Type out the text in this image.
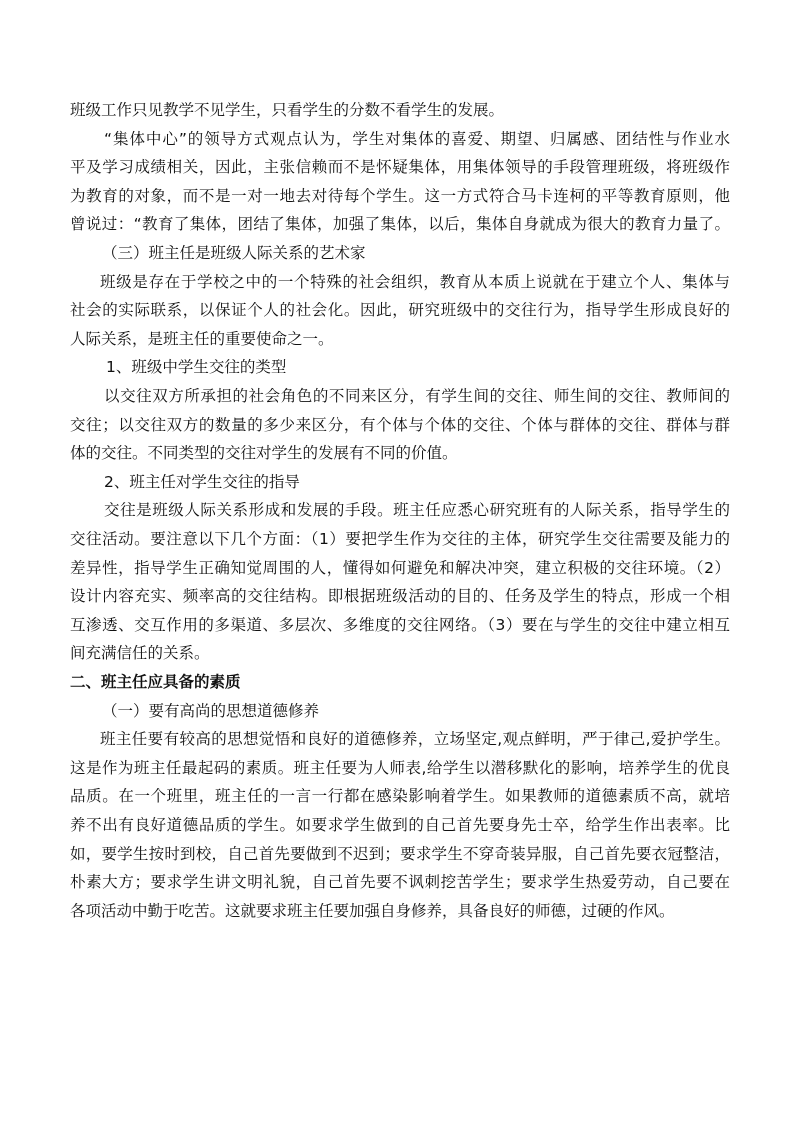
班级工作只见教学不见学生，只看学生的分数不看学生的发展。
“集体中心”的领导方式观点认为，学生对集体的喜爱、期望、归属感、团结性与作业水
平及学习成绩相关，因此，主张信赖而不是怀疑集体，用集体领导的手段管理班级，将班级作
为教育的对象，而不是一对一地去对待每个学生。这一方式符合马卡连柯的平等教育原则，他
曾说过：“教育了集体，团结了集体，加强了集体，以后，集体自身就成为很大的教育力量了。
（三）班主任是班级人际关系的艺术家
班级是存在于学校之中的一个特殊的社会组织，教育从本质上说就在于建立个人、集体与
社会的实际联系，以保证个人的社会化。因此，研究班级中的交往行为，指导学生形成良好的
人际关系，是班主任的重要使命之一。
1、班级中学生交往的类型
以交往双方所承担的社会角色的不同来区分，有学生间的交往、师生间的交往、教师间的
交往；以交往双方的数量的多少来区分，有个体与个体的交往、个体与群体的交往、群体与群
体的交往。不同类型的交往对学生的发展有不同的价值。
2、班主任对学生交往的指导
交往是班级人际关系形成和发展的手段。班主任应悉心研究班有的人际关系，指导学生的
交往活动。要注意以下几个方面：（1）要把学生作为交往的主体，研究学生交往需要及能力的
差异性，指导学生正确知觉周围的人，懂得如何避免和解决冲突，建立积极的交往环境。（2）
设计内容充实、频率高的交往结构。即根据班级活动的目的、任务及学生的特点，形成一个相
互渗透、交互作用的多渠道、多层次、多维度的交往网络。（3）要在与学生的交往中建立相互
间充满信任的关系。
二、班主任应具备的素质
（一）要有高尚的思想道德修养
班主任要有较高的思想觉悟和良好的道德修养，立场坚定,观点鲜明，严于律己,爱护学生。
这是作为班主任最起码的素质。班主任要为人师表,给学生以潜移默化的影响，培养学生的优良
品质。在一个班里，班主任的一言一行都在感染影响着学生。如果教师的道德素质不高，就培
养不出有良好道德品质的学生。如要求学生做到的自己首先要身先士卒，给学生作出表率。比
如，要学生按时到校，自己首先要做到不迟到；要求学生不穿奇装异服，自己首先要衣冠整洁，
朴素大方；要求学生讲文明礼貌，自己首先要不讽刺挖苦学生；要求学生热爱劳动，自己要在
各项活动中勤于吃苦。这就要求班主任要加强自身修养，具备良好的师德，过硬的作风。
